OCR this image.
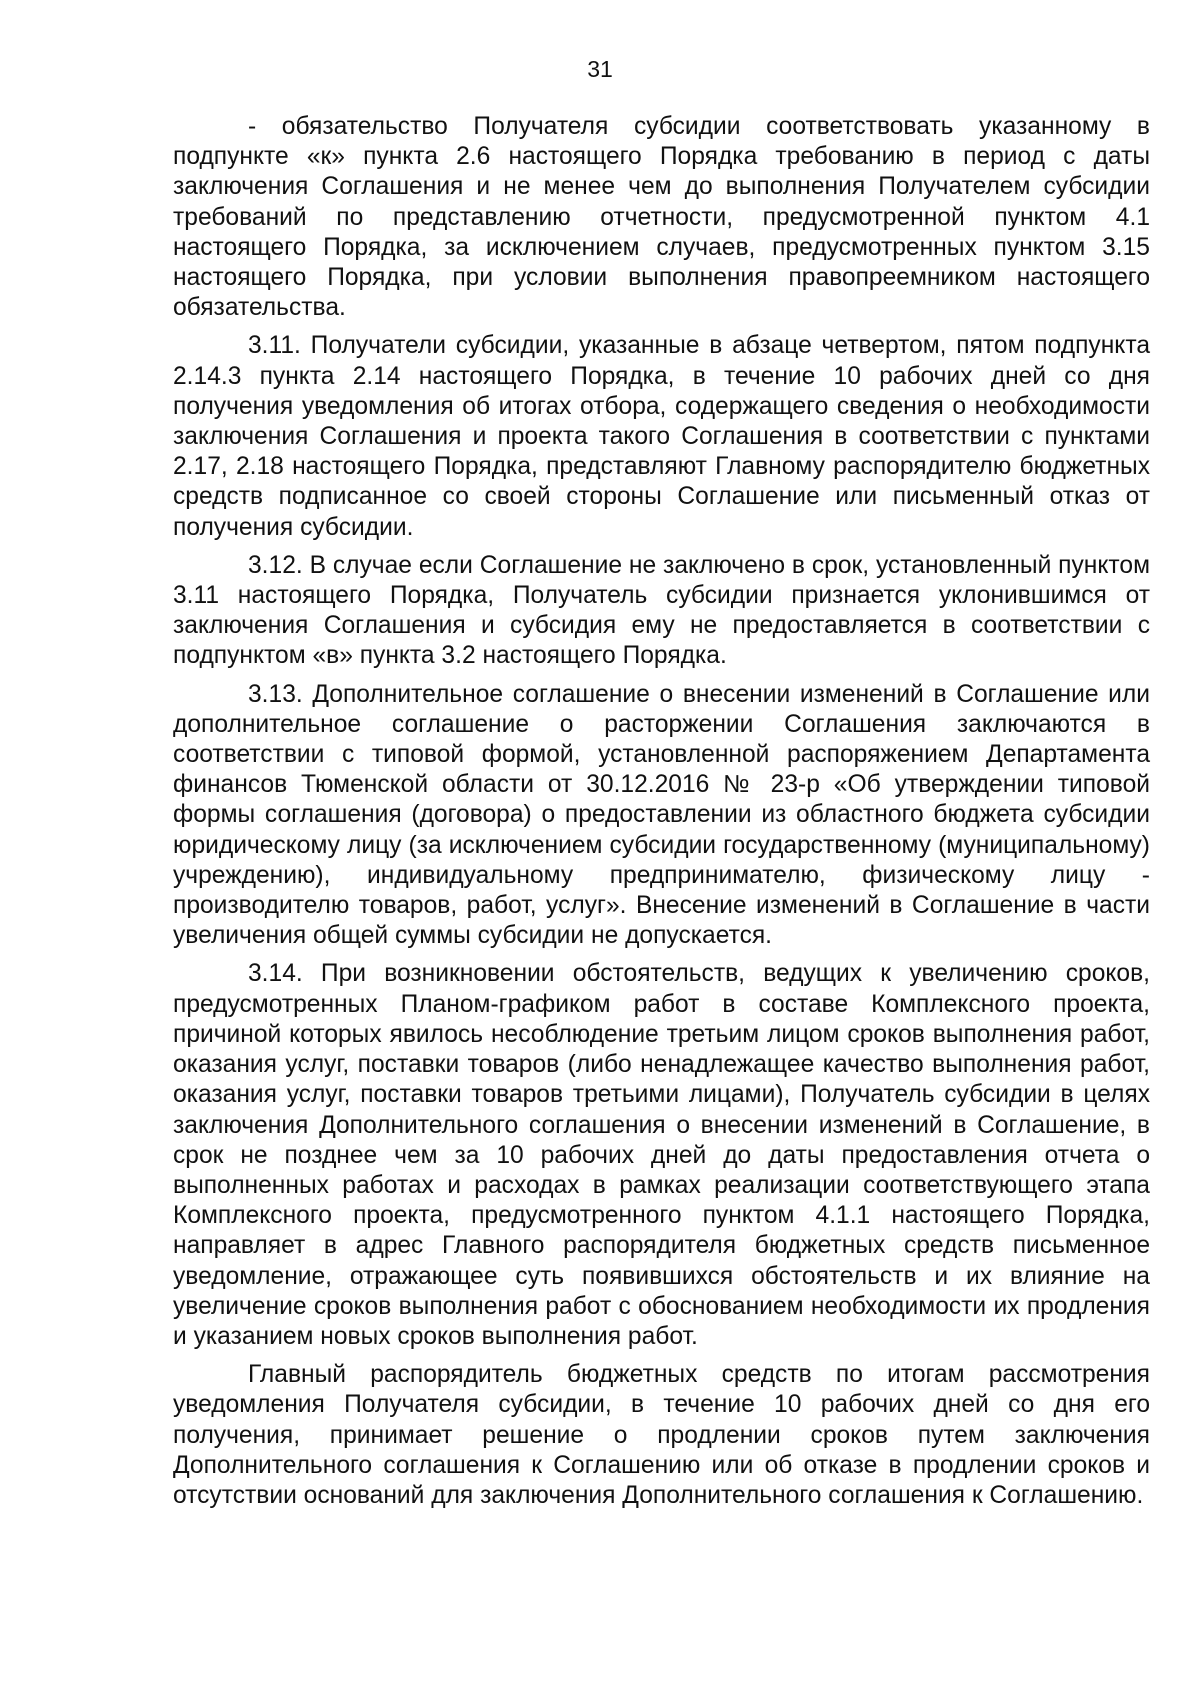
31

- обязательство Получателя субсидии соответствовать указанному в подпункте «к» пункта 2.6 настоящего Порядка требованию в период с даты заключения Соглашения и не менее чем до выполнения Получателем субсидии требований по представлению отчетности, предусмотренной пунктом 4.1 настоящего Порядка, за исключением случаев, предусмотренных пунктом 3.15 настоящего Порядка, при условии выполнения правопреемником настоящего обязательства.

3.11. Получатели субсидии, указанные в абзаце четвертом, пятом подпункта 2.14.3 пункта 2.14 настоящего Порядка, в течение 10 рабочих дней со дня получения уведомления об итогах отбора, содержащего сведения о необходимости заключения Соглашения и проекта такого Соглашения в соответствии с пунктами 2.17, 2.18 настоящего Порядка, представляют Главному распорядителю бюджетных средств подписанное со своей стороны Соглашение или письменный отказ от получения субсидии.

3.12. В случае если Соглашение не заключено в срок, установленный пунктом 3.11 настоящего Порядка, Получатель субсидии признается уклонившимся от заключения Соглашения и субсидия ему не предоставляется в соответствии с подпунктом «в» пункта 3.2 настоящего Порядка.

3.13. Дополнительное соглашение о внесении изменений в Соглашение или дополнительное соглашение о расторжении Соглашения заключаются в соответствии с типовой формой, установленной распоряжением Департамента финансов Тюменской области от 30.12.2016 № 23-р «Об утверждении типовой формы соглашения (договора) о предоставлении из областного бюджета субсидии юридическому лицу (за исключением субсидии государственному (муниципальному) учреждению), индивидуальному предпринимателю, физическому лицу - производителю товаров, работ, услуг». Внесение изменений в Соглашение в части увеличения общей суммы субсидии не допускается.

3.14. При возникновении обстоятельств, ведущих к увеличению сроков, предусмотренных Планом-графиком работ в составе Комплексного проекта, причиной которых явилось несоблюдение третьим лицом сроков выполнения работ, оказания услуг, поставки товаров (либо ненадлежащее качество выполнения работ, оказания услуг, поставки товаров третьими лицами), Получатель субсидии в целях заключения Дополнительного соглашения о внесении изменений в Соглашение, в срок не позднее чем за 10 рабочих дней до даты предоставления отчета о выполненных работах и расходах в рамках реализации соответствующего этапа Комплексного проекта, предусмотренного пунктом 4.1.1 настоящего Порядка, направляет в адрес Главного распорядителя бюджетных средств письменное уведомление, отражающее суть появившихся обстоятельств и их влияние на увеличение сроков выполнения работ с обоснованием необходимости их продления и указанием новых сроков выполнения работ.

Главный распорядитель бюджетных средств по итогам рассмотрения уведомления Получателя субсидии, в течение 10 рабочих дней со дня его получения, принимает решение о продлении сроков путем заключения Дополнительного соглашения к Соглашению или об отказе в продлении сроков и отсутствии оснований для заключения Дополнительного соглашения к Соглашению.
